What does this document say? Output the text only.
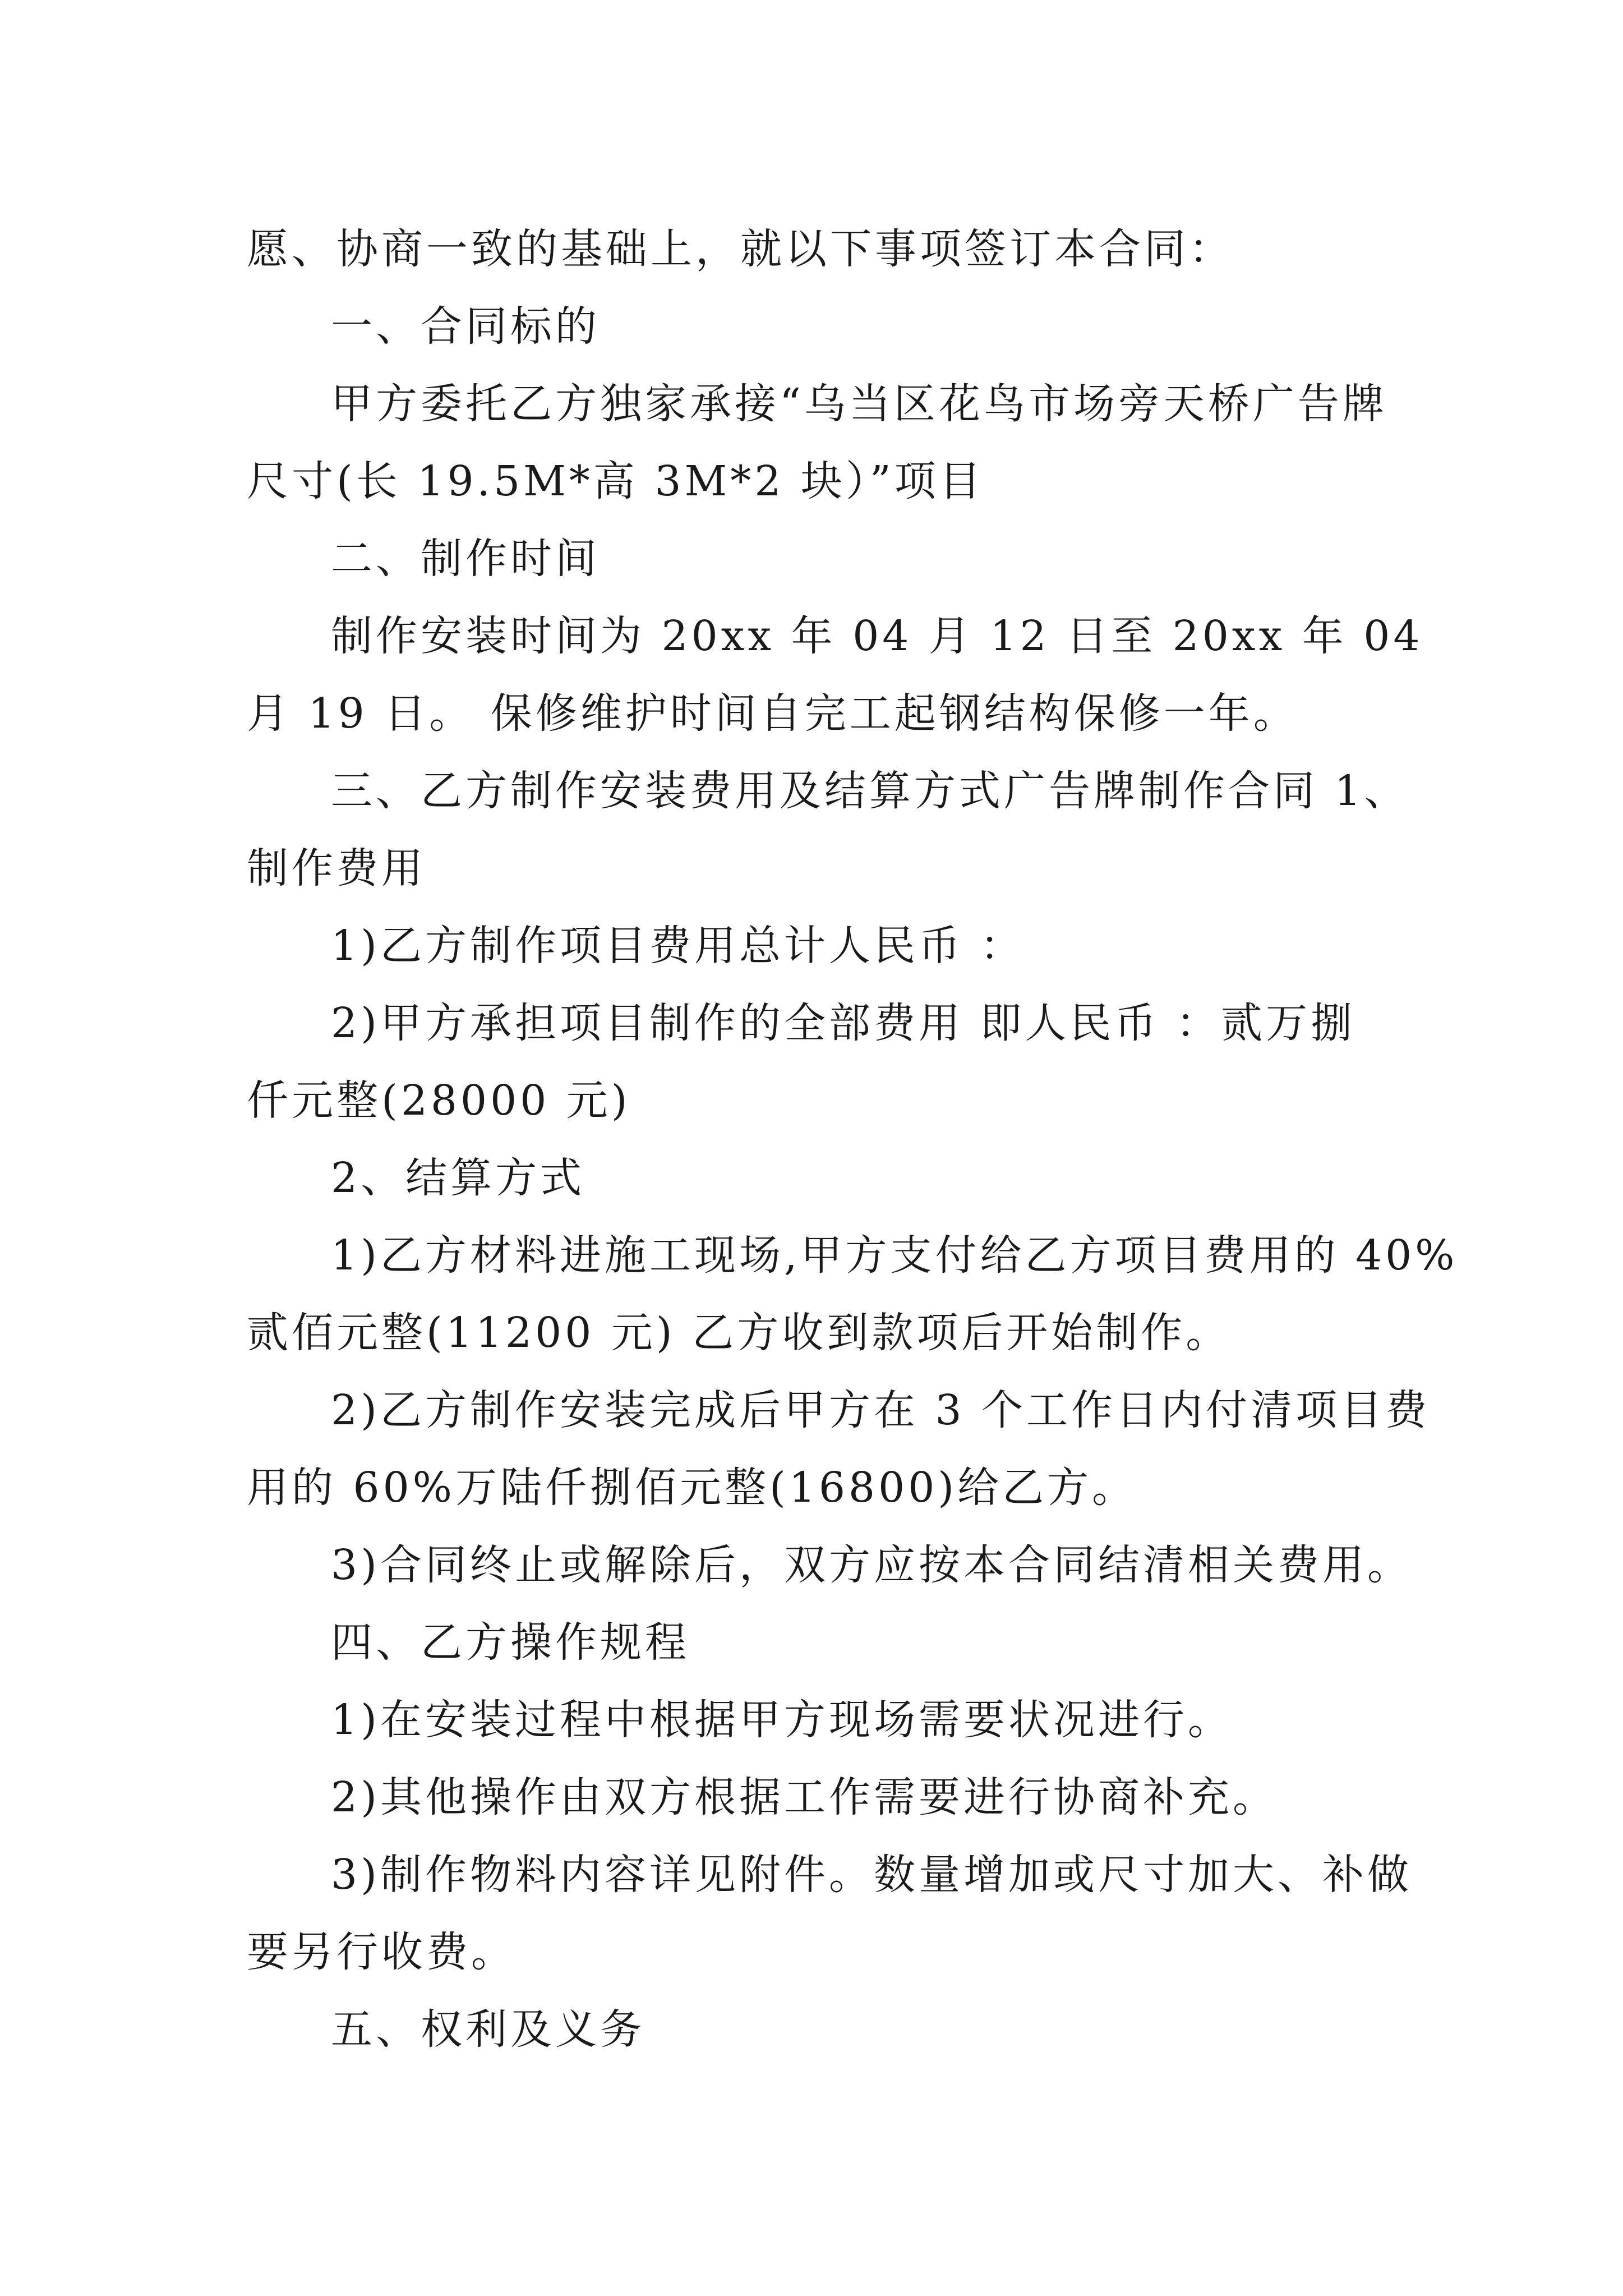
愿、协商一致的基础上，就以下事项签订本合同：
一、合同标的
甲方委托乙方独家承接“乌当区花鸟市场旁天桥广告牌
尺寸(长 19.5M*高 3M*2 块）”项目
二、制作时间
制作安装时间为 20xx 年 04 月 12 日至 20xx 年 04
月 19 日。 保修维护时间自完工起钢结构保修一年。
三、乙方制作安装费用及结算方式广告牌制作合同 1、
制作费用
1)乙方制作项目费用总计人民币 ：
2)甲方承担项目制作的全部费用 即人民币 ：贰万捌
仟元整(28000 元)
2、结算方式
1)乙方材料进施工现场,甲方支付给乙方项目费用的 40%
贰佰元整(11200 元) 乙方收到款项后开始制作。
2)乙方制作安装完成后甲方在 3 个工作日内付清项目费
用的 60%万陆仟捌佰元整(16800)给乙方。
3)合同终止或解除后，双方应按本合同结清相关费用。
四、乙方操作规程
1)在安装过程中根据甲方现场需要状况进行。
2)其他操作由双方根据工作需要进行协商补充。
3)制作物料内容详见附件。数量增加或尺寸加大、补做
要另行收费。
五、权利及义务
